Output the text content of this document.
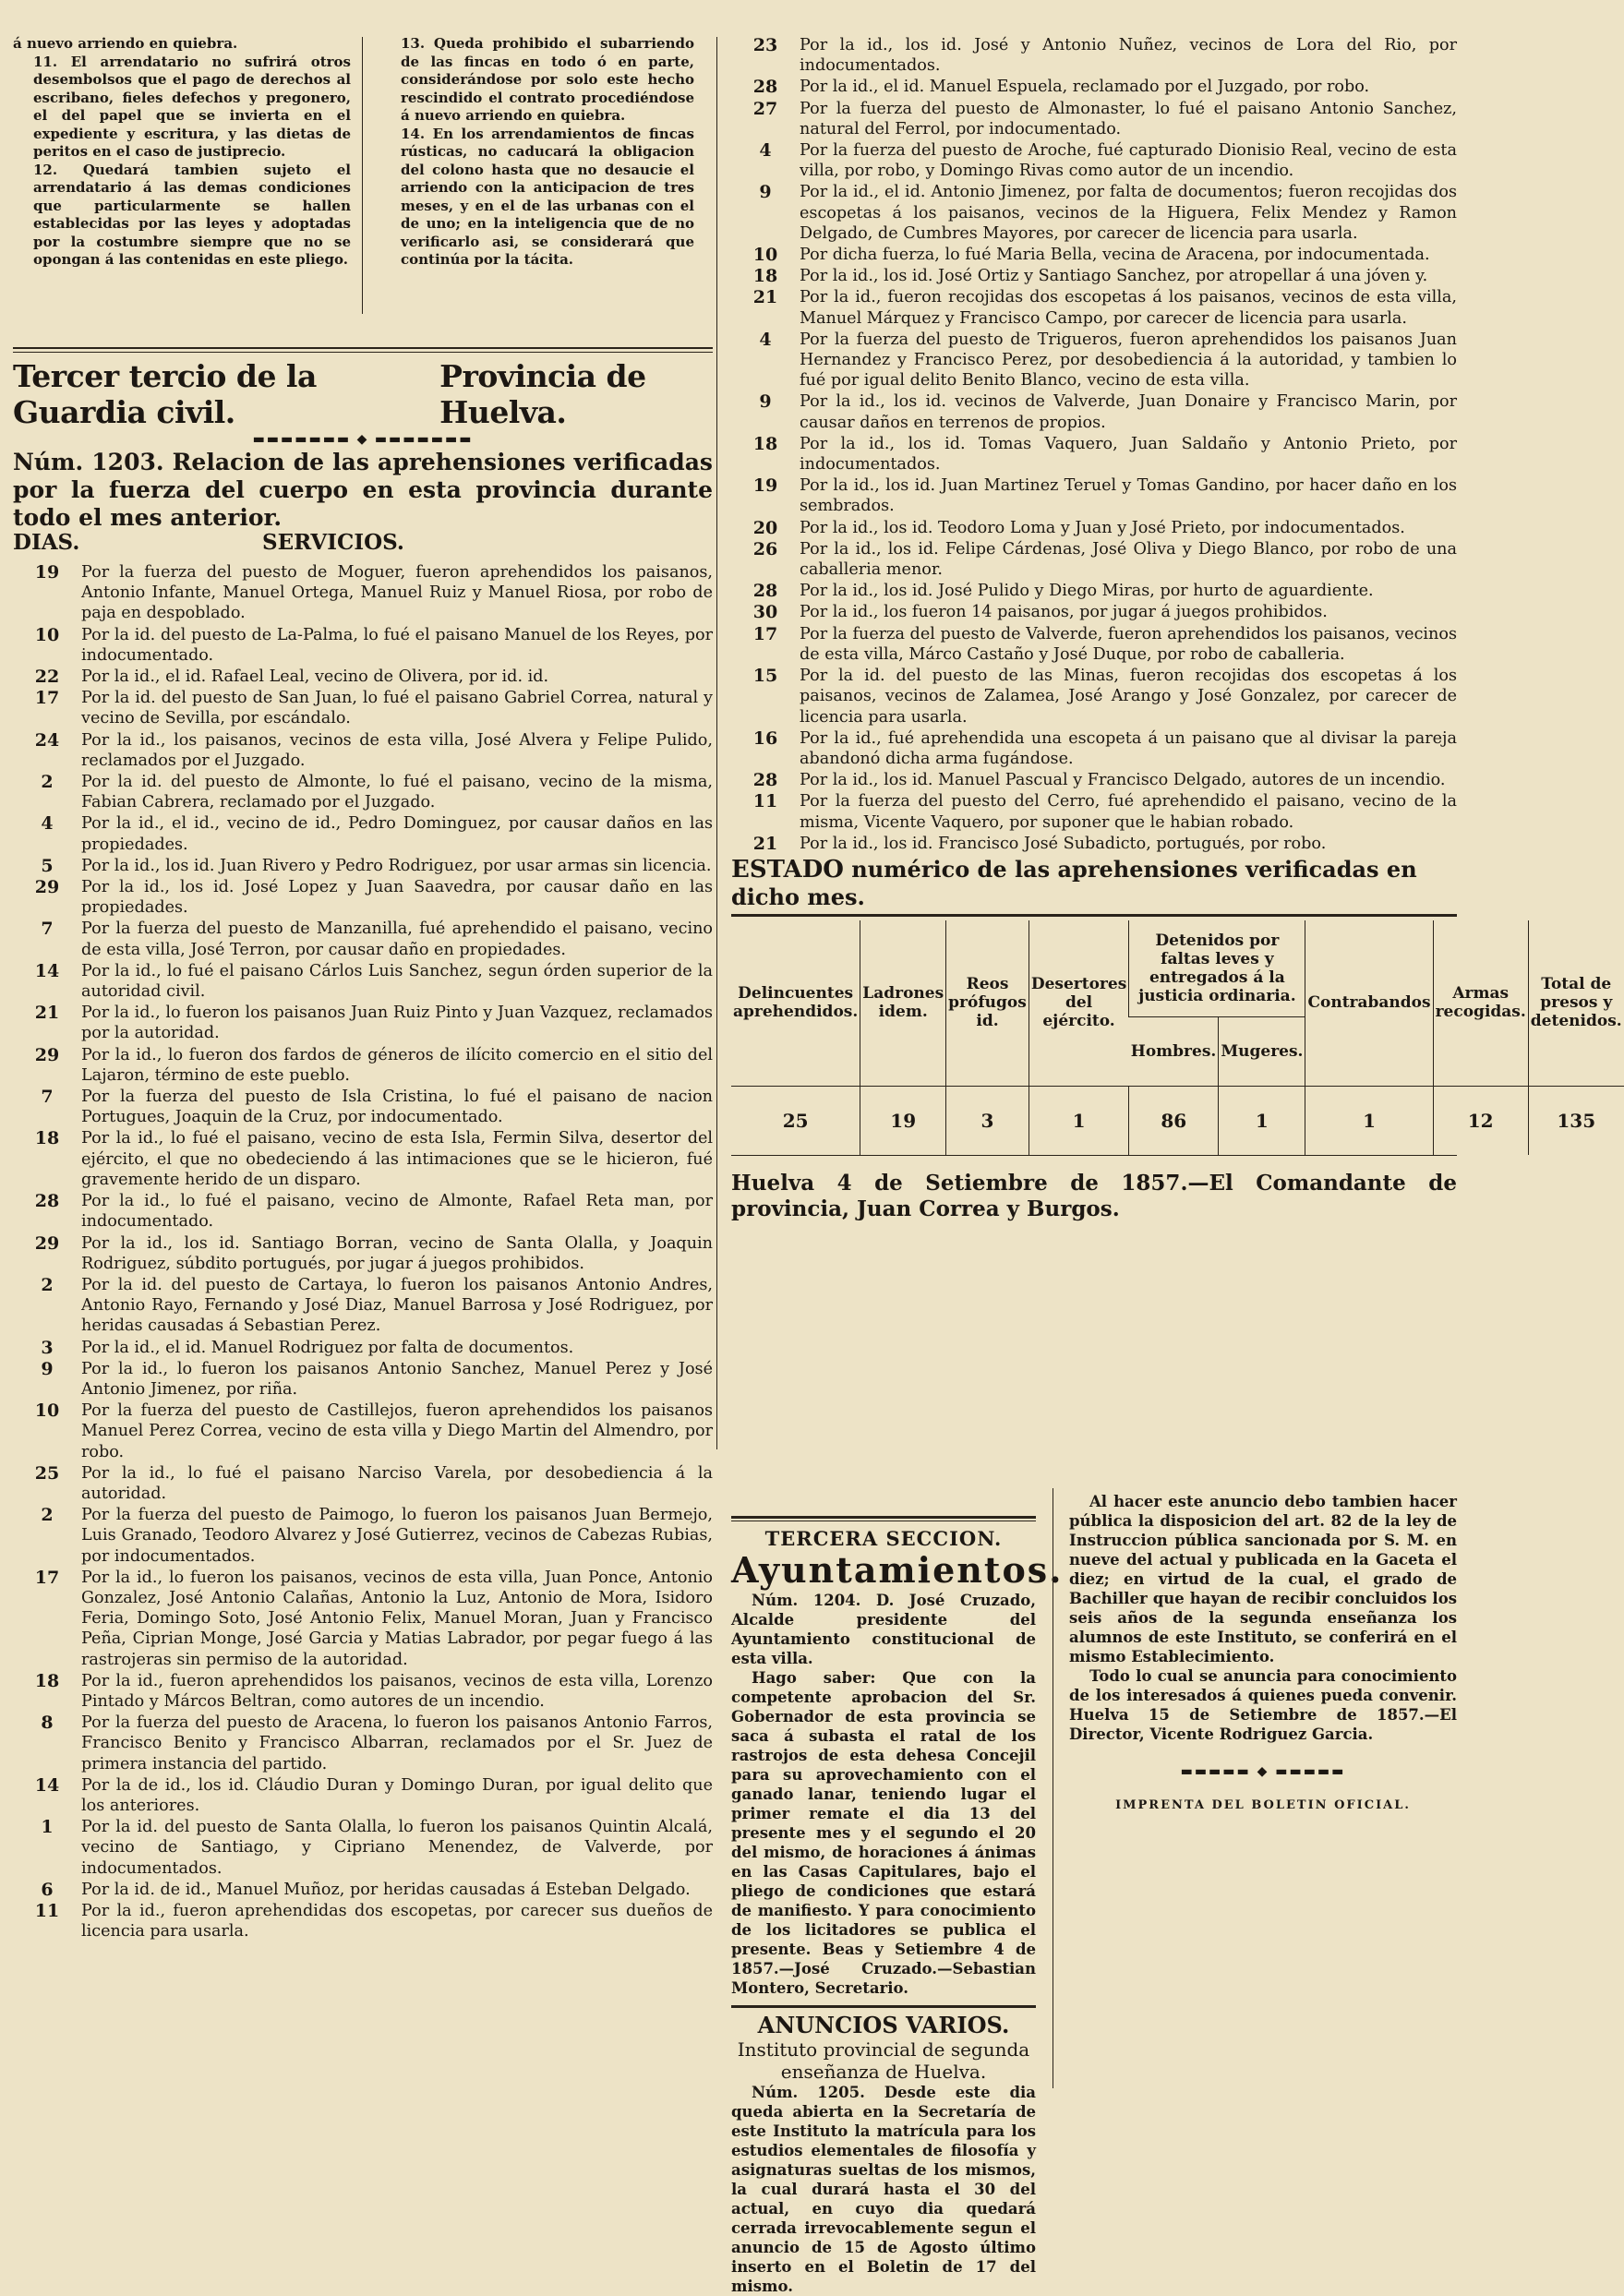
á nuevo arriendo en quiebra.
11. El arrendatario no sufrirá otros desembolsos que el pago de derechos al escribano, fieles defechos y pregonero, el del papel que se invierta en el expediente y escritura, y las dietas de peritos en el caso de justiprecio.
12. Quedará tambien sujeto el arrendatario á las demas condiciones que particularmente se hallen establecidas por las leyes y adoptadas por la costumbre siempre que no se opongan á las contenidas en este pliego.
13. Queda prohibido el subarriendo de las fincas en todo ó en parte, considerándose por solo este hecho rescindido el contrato procediéndose á nuevo arriendo en quiebra.
14. En los arrendamientos de fincas rústicas, no caducará la obligacion del colono hasta que no desaucie el arriendo con la anticipacion de tres meses, y en el de las urbanas con el de uno; en la inteligencia que de no verificarlo asi, se considerará que continúa por la tácita.
Tercer tercio de la Guardia civil.
Provincia de Huelva.
▬▬▬▬▬▬▬ ◆ ▬▬▬▬▬▬▬

Núm. 1203. Relacion de las aprehensiones verificadas por la fuerza del cuerpo en esta provincia durante todo el mes anterior.

DIAS.	SERVICIOS.
19	Por la fuerza del puesto de Moguer, fueron aprehendidos los paisanos, Antonio Infante, Manuel Ortega, Manuel Ruiz y Manuel Riosa, por robo de paja en despoblado.
10	Por la id. del puesto de La-Palma, lo fué el paisano Manuel de los Reyes, por indocumentado.
22	Por la id., el id. Rafael Leal, vecino de Olivera, por id. id.
17	Por la id. del puesto de San Juan, lo fué el paisano Gabriel Correa, natural y vecino de Sevilla, por escándalo.
24	Por la id., los paisanos, vecinos de esta villa, José Alvera y Felipe Pulido, reclamados por el Juzgado.
2	Por la id. del puesto de Almonte, lo fué el paisano, vecino de la misma, Fabian Cabrera, reclamado por el Juzgado.
4	Por la id., el id., vecino de id., Pedro Dominguez, por causar daños en las propiedades.
5	Por la id., los id. Juan Rivero y Pedro Rodriguez, por usar armas sin licencia.
29	Por la id., los id. José Lopez y Juan Saavedra, por causar daño en las propiedades.
7	Por la fuerza del puesto de Manzanilla, fué aprehendido el paisano, vecino de esta villa, José Terron, por causar daño en propiedades.
14	Por la id., lo fué el paisano Cárlos Luis Sanchez, segun órden superior de la autoridad civil.
21	Por la id., lo fueron los paisanos Juan Ruiz Pinto y Juan Vazquez, reclamados por la autoridad.
29	Por la id., lo fueron dos fardos de géneros de ilícito comercio en el sitio del Lajaron, término de este pueblo.
7	Por la fuerza del puesto de Isla Cristina, lo fué el paisano de nacion Portugues, Joaquin de la Cruz, por indocumentado.
18	Por la id., lo fué el paisano, vecino de esta Isla, Fermin Silva, desertor del ejército, el que no obedeciendo á las intimaciones que se le hicieron, fué gravemente herido de un disparo.
28	Por la id., lo fué el paisano, vecino de Almonte, Rafael Reta man, por indocumentado.
29	Por la id., los id. Santiago Borran, vecino de Santa Olalla, y Joaquin Rodriguez, súbdito portugués, por jugar á juegos prohibidos.
2	Por la id. del puesto de Cartaya, lo fueron los paisanos Antonio Andres, Antonio Rayo, Fernando y José Diaz, Manuel Barrosa y José Rodriguez, por heridas causadas á Sebastian Perez.
3	Por la id., el id. Manuel Rodriguez por falta de documentos.
9	Por la id., lo fueron los paisanos Antonio Sanchez, Manuel Perez y José Antonio Jimenez, por riña.
10	Por la fuerza del puesto de Castillejos, fueron aprehendidos los paisanos Manuel Perez Correa, vecino de esta villa y Diego Martin del Almendro, por robo.
25	Por la id., lo fué el paisano Narciso Varela, por desobediencia á la autoridad.
2	Por la fuerza del puesto de Paimogo, lo fueron los paisanos Juan Bermejo, Luis Granado, Teodoro Alvarez y José Gutierrez, vecinos de Cabezas Rubias, por indocumentados.
17	Por la id., lo fueron los paisanos, vecinos de esta villa, Juan Ponce, Antonio Gonzalez, José Antonio Calañas, Antonio la Luz, Antonio de Mora, Isidoro Feria, Domingo Soto, José Antonio Felix, Manuel Moran, Juan y Francisco Peña, Ciprian Monge, José Garcia y Matias Labrador, por pegar fuego á las rastrojeras sin permiso de la autoridad.
18	Por la id., fueron aprehendidos los paisanos, vecinos de esta villa, Lorenzo Pintado y Márcos Beltran, como autores de un incendio.
8	Por la fuerza del puesto de Aracena, lo fueron los paisanos Antonio Farros, Francisco Benito y Francisco Albarran, reclamados por el Sr. Juez de primera instancia del partido.
14	Por la de id., los id. Cláudio Duran y Domingo Duran, por igual delito que los anteriores.
1	Por la id. del puesto de Santa Olalla, lo fueron los paisanos Quintin Alcalá, vecino de Santiago, y Cipriano Menendez, de Valverde, por indocumentados.
6	Por la id. de id., Manuel Muñoz, por heridas causadas á Esteban Delgado.
11	Por la id., fueron aprehendidas dos escopetas, por carecer sus dueños de licencia para usarla.
23	Por la id., los id. José y Antonio Nuñez, vecinos de Lora del Rio, por indocumentados.
28	Por la id., el id. Manuel Espuela, reclamado por el Juzgado, por robo.
27	Por la fuerza del puesto de Almonaster, lo fué el paisano Antonio Sanchez, natural del Ferrol, por indocumentado.
4	Por la fuerza del puesto de Aroche, fué capturado Dionisio Real, vecino de esta villa, por robo, y Domingo Rivas como autor de un incendio.
9	Por la id., el id. Antonio Jimenez, por falta de documentos; fueron recojidas dos escopetas á los paisanos, vecinos de la Higuera, Felix Mendez y Ramon Delgado, de Cumbres Mayores, por carecer de licencia para usarla.
10	Por dicha fuerza, lo fué Maria Bella, vecina de Aracena, por indocumentada.
18	Por la id., los id. José Ortiz y Santiago Sanchez, por atropellar á una jóven y.
21	Por la id., fueron recojidas dos escopetas á los paisanos, vecinos de esta villa, Manuel Márquez y Francisco Campo, por carecer de licencia para usarla.
4	Por la fuerza del puesto de Trigueros, fueron aprehendidos los paisanos Juan Hernandez y Francisco Perez, por desobediencia á la autoridad, y tambien lo fué por igual delito Benito Blanco, vecino de esta villa.
9	Por la id., los id. vecinos de Valverde, Juan Donaire y Francisco Marin, por causar daños en terrenos de propios.
18	Por la id., los id. Tomas Vaquero, Juan Saldaño y Antonio Prieto, por indocumentados.
19	Por la id., los id. Juan Martinez Teruel y Tomas Gandino, por hacer daño en los sembrados.
20	Por la id., los id. Teodoro Loma y Juan y José Prieto, por indocumentados.
26	Por la id., los id. Felipe Cárdenas, José Oliva y Diego Blanco, por robo de una caballeria menor.
28	Por la id., los id. José Pulido y Diego Miras, por hurto de aguardiente.
30	Por la id., los fueron 14 paisanos, por jugar á juegos prohibidos.
17	Por la fuerza del puesto de Valverde, fueron aprehendidos los paisanos, vecinos de esta villa, Márco Castaño y José Duque, por robo de caballeria.
15	Por la id. del puesto de las Minas, fueron recojidas dos escopetas á los paisanos, vecinos de Zalamea, José Arango y José Gonzalez, por carecer de licencia para usarla.
16	Por la id., fué aprehendida una escopeta á un paisano que al divisar la pareja abandonó dicha arma fugándose.
28	Por la id., los id. Manuel Pascual y Francisco Delgado, autores de un incendio.
11	Por la fuerza del puesto del Cerro, fué aprehendido el paisano, vecino de la misma, Vicente Vaquero, por suponer que le habian robado.
21	Por la id., los id. Francisco José Subadicto, portugués, por robo.

ESTADO numérico de las aprehensiones verificadas en dicho mes.

Delincuentes aprehendidos.	Ladrones idem.	Reos prófugos id.	Desertores del ejército.	Detenidos por faltas leves y entregados á la justicia ordinaria.		Contrabandos	Armas recogidas.	Total de presos y detenidos.
				Hombres.	Mugeres.			
25	19	3	1	86	1	1	12	135

Huelva 4 de Setiembre de 1857.—El Comandante de provincia, Juan Correa y Burgos.

TERCERA SECCION.
Ayuntamientos.
Núm. 1204. D. José Cruzado, Alcalde presidente del Ayuntamiento constitucional de esta villa.
Hago saber: Que con la competente aprobacion del Sr. Gobernador de esta provincia se saca á subasta el ratal de los rastrojos de esta dehesa Concejil para su aprovechamiento con el ganado lanar, teniendo lugar el primer remate el dia 13 del presente mes y el segundo el 20 del mismo, de horaciones á ánimas en las Casas Capitulares, bajo el pliego de condiciones que estará de manifiesto. Y para conocimiento de los licitadores se publica el presente. Beas y Setiembre 4 de 1857.—José Cruzado.—Sebastian Montero, Secretario.
ANUNCIOS VARIOS.
Instituto provincial de segunda enseñanza de Huelva.
Núm. 1205. Desde este dia queda abierta en la Secretaría de este Instituto la matrícula para los estudios elementales de filosofía y asignaturas sueltas de los mismos, la cual durará hasta el 30 del actual, en cuyo dia quedará cerrada irrevocablemente segun el anuncio de 15 de Agosto último inserto en el Boletin de 17 del mismo.
Al hacer este anuncio debo tambien hacer pública la disposicion del art. 82 de la ley de Instruccion pública sancionada por S. M. en nueve del actual y publicada en la Gaceta el diez; en virtud de la cual, el grado de Bachiller que hayan de recibir concluidos los seis años de la segunda enseñanza los alumnos de este Instituto, se conferirá en el mismo Establecimiento.
Todo lo cual se anuncia para conocimiento de los interesados á quienes pueda convenir. Huelva 15 de Setiembre de 1857.—El Director, Vicente Rodriguez Garcia.
▬▬▬▬▬ ◆ ▬▬▬▬▬
IMPRENTA DEL BOLETIN OFICIAL.
